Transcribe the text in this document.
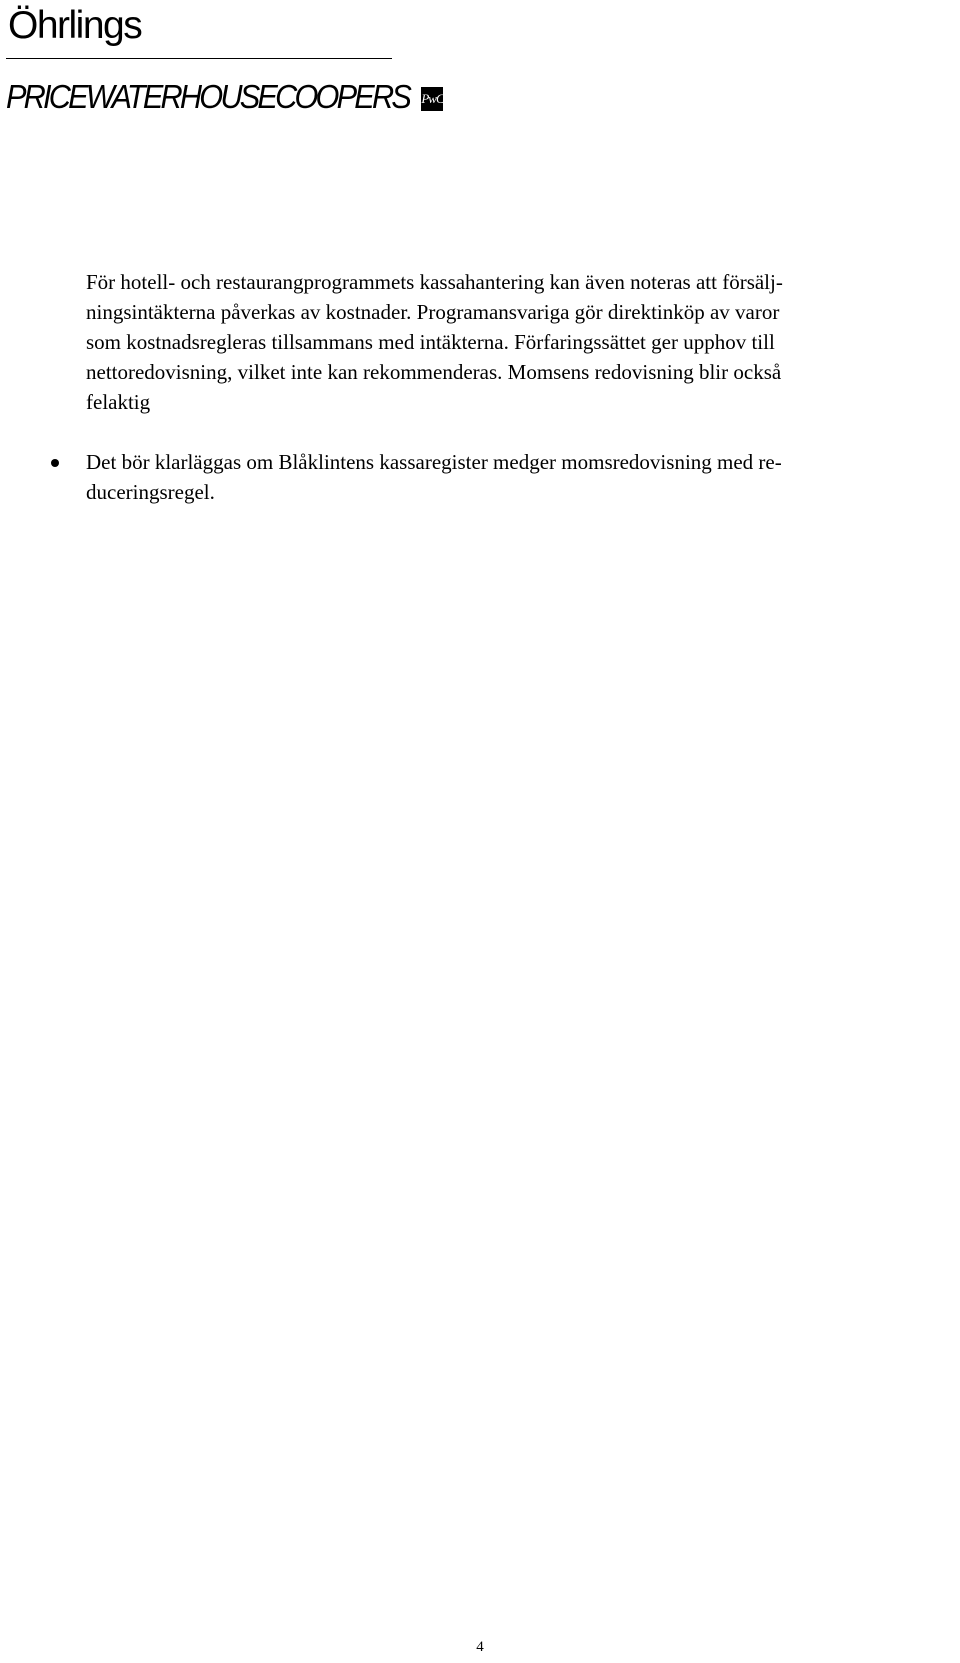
Öhrlings
PRICEWATERHOUSECOOPERS PwC

För hotell- och restaurangprogrammets kassahantering kan även noteras att försälj-
ningsintäkterna påverkas av kostnader. Programansvariga gör direktinköp av varor
som kostnadsregleras tillsammans med intäkterna. Förfaringssättet ger upphov till
nettoredovisning, vilket inte kan rekommenderas. Momsens redovisning blir också
felaktig

Det bör klarläggas om Blåklintens kassaregister medger momsredovisning med re-
duceringsregel.

4
